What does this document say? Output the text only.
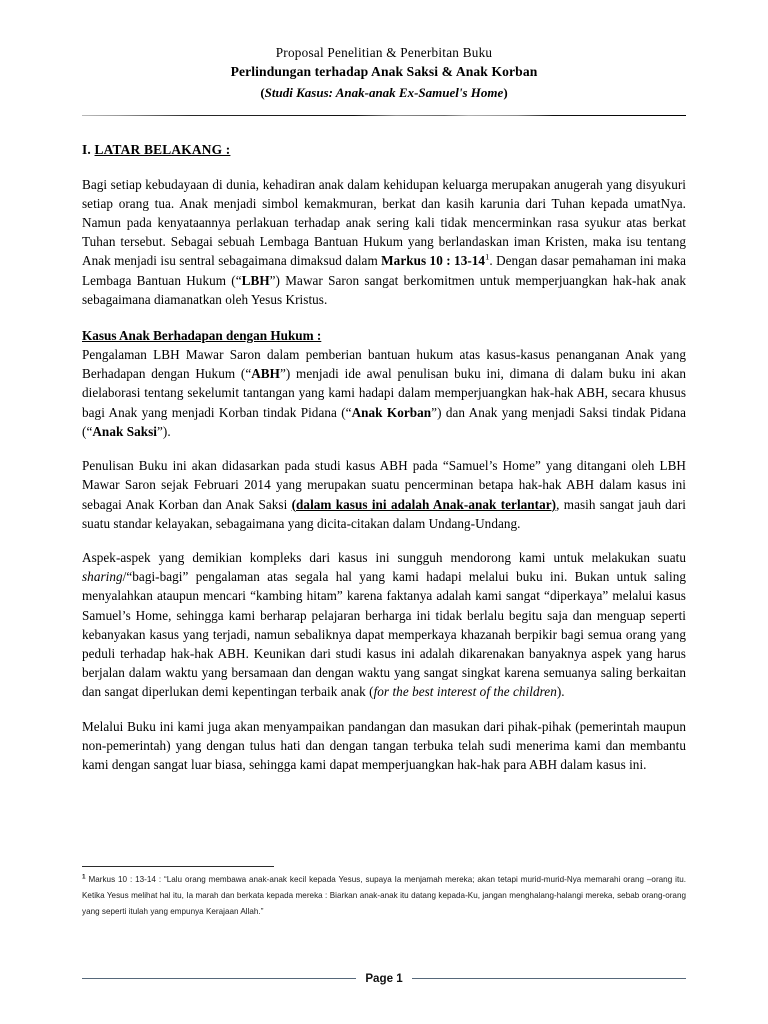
Proposal Penelitian & Penerbitan Buku
Perlindungan terhadap Anak Saksi & Anak Korban
(Studi Kasus: Anak-anak Ex-Samuel's Home)
I. LATAR BELAKANG :

Bagi setiap kebudayaan di dunia, kehadiran anak dalam kehidupan keluarga merupakan anugerah yang disyukuri setiap orang tua. Anak menjadi simbol kemakmuran, berkat dan kasih karunia dari Tuhan kepada umatNya. Namun pada kenyataannya perlakuan terhadap anak sering kali tidak mencerminkan rasa syukur atas berkat Tuhan tersebut. Sebagai sebuah Lembaga Bantuan Hukum yang berlandaskan iman Kristen, maka isu tentang Anak menjadi isu sentral sebagaimana dimaksud dalam Markus 10 : 13-14$^1$. Dengan dasar pemahaman ini maka Lembaga Bantuan Hukum (“LBH”) Mawar Saron sangat berkomitmen untuk memperjuangkan hak-hak anak sebagaimana diamanatkan oleh Yesus Kristus.

Kasus Anak Berhadapan dengan Hukum :

Pengalaman LBH Mawar Saron dalam pemberian bantuan hukum atas kasus-kasus penanganan Anak yang Berhadapan dengan Hukum (“ABH”) menjadi ide awal penulisan buku ini, dimana di dalam buku ini akan dielaborasi tentang sekelumit tantangan yang kami hadapi dalam memperjuangkan hak-hak ABH, secara khusus bagi Anak yang menjadi Korban tindak Pidana (“Anak Korban”) dan Anak yang menjadi Saksi tindak Pidana (“Anak Saksi”).

Penulisan Buku ini akan didasarkan pada studi kasus ABH pada “Samuel’s Home” yang ditangani oleh LBH Mawar Saron sejak Februari 2014 yang merupakan suatu pencerminan betapa hak-hak ABH dalam kasus ini sebagai Anak Korban dan Anak Saksi (dalam kasus ini adalah Anak-anak terlantar), masih sangat jauh dari suatu standar kelayakan, sebagaimana yang dicita-citakan dalam Undang-Undang.

Aspek-aspek yang demikian kompleks dari kasus ini sungguh mendorong kami untuk melakukan suatu sharing/“bagi-bagi” pengalaman atas segala hal yang kami hadapi melalui buku ini. Bukan untuk saling menyalahkan ataupun mencari “kambing hitam” karena faktanya adalah kami sangat “diperkaya” melalui kasus Samuel’s Home, sehingga kami berharap pelajaran berharga ini tidak berlalu begitu saja dan menguap seperti kebanyakan kasus yang terjadi, namun sebaliknya dapat memperkaya khazanah berpikir bagi semua orang yang peduli terhadap hak-hak ABH. Keunikan dari studi kasus ini adalah dikarenakan banyaknya aspek yang harus berjalan dalam waktu yang bersamaan dan dengan waktu yang sangat singkat karena semuanya saling berkaitan dan sangat diperlukan demi kepentingan terbaik anak (for the best interest of the children).

Melalui Buku ini kami juga akan menyampaikan pandangan dan masukan dari pihak-pihak (pemerintah maupun non-pemerintah) yang dengan tulus hati dan dengan tangan terbuka telah sudi menerima kami dan membantu kami dengan sangat luar biasa, sehingga kami dapat memperjuangkan hak-hak para ABH dalam kasus ini.

$^1$ Markus 10 : 13-14 : “Lalu orang membawa anak-anak kecil kepada Yesus, supaya Ia menjamah mereka; akan tetapi murid-murid-Nya memarahi orang –orang itu. Ketika Yesus melihat hal itu, Ia marah dan berkata kepada mereka : Biarkan anak-anak itu datang kepada-Ku, jangan menghalang-halangi mereka, sebab orang-orang yang seperti itulah yang empunya Kerajaan Allah.”
Page 1
